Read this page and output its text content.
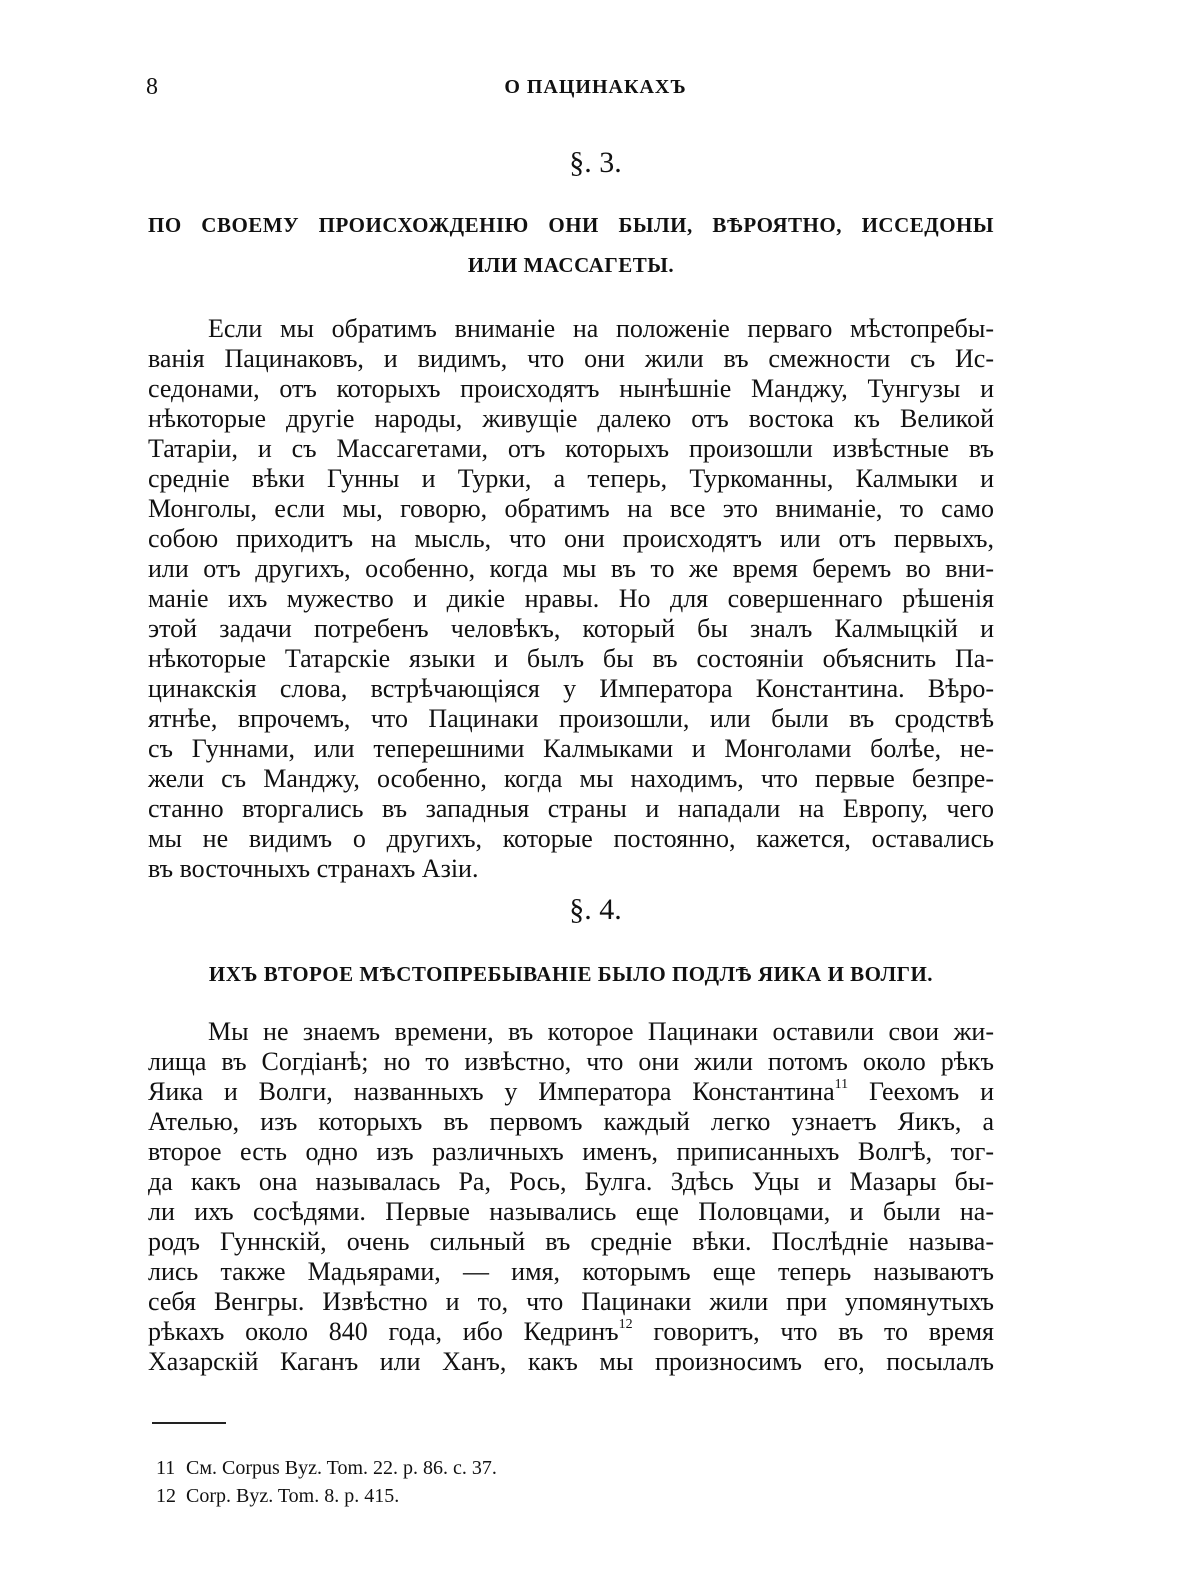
8	О ПАЦИНАКАХЪ
§. 3.
ПО СВОЕМУ ПРОИСХОЖДЕНІЮ ОНИ БЫЛИ, ВѢРОЯТНО, ИССЕДОНЫ
ИЛИ МАССАГЕТЫ.
Если мы обратимъ вниманіе на положеніе перваго мѣстопребы-
ванія Пацинаковъ, и видимъ, что они жили въ смежности съ Ис-
седонами, отъ которыхъ происходятъ нынѣшніе Манджу, Тунгузы и
нѣкоторые другіе народы, живущіе далеко отъ востока къ Великой
Татаріи, и съ Массагетами, отъ которыхъ произошли извѣстные въ
средніе вѣки Гунны и Турки, а теперь, Туркоманны, Калмыки и
Монголы, если мы, говорю, обратимъ на все это вниманіе, то само
собою приходитъ на мысль, что они происходятъ или отъ первыхъ,
или отъ другихъ, особенно, когда мы въ то же время беремъ во вни-
маніе ихъ мужество и дикіе нравы. Но для совершеннаго рѣшенія
этой задачи потребенъ человѣкъ, который бы зналъ Калмыцкій и
нѣкоторые Татарскіе языки и былъ бы въ состояніи объяснить Па-
цинакскія слова, встрѣчающіяся у Императора Константина. Вѣро-
ятнѣе, впрочемъ, что Пацинаки произошли, или были въ сродствѣ
съ Гуннами, или теперешними Калмыками и Монголами болѣе, не-
жели съ Манджу, особенно, когда мы находимъ, что первые безпре-
станно вторгались въ западныя страны и нападали на Европу, чего
мы не видимъ о другихъ, которые постоянно, кажется, оставались
въ восточныхъ странахъ Азіи.
§. 4.
ИХЪ ВТОРОЕ МѢСТОПРЕБЫВАНІЕ БЫЛО ПОДЛѢ ЯИКА И ВОЛГИ.
Мы не знаемъ времени, въ которое Пацинаки оставили свои жи-
лища въ Согдіанѣ; но то извѣстно, что они жили потомъ около рѣкъ
Яика и Волги, названныхъ у Императора Константина$^{11}$ Геехомъ и
Ателью, изъ которыхъ въ первомъ каждый легко узнаетъ Яикъ, а
второе есть одно изъ различныхъ именъ, приписанныхъ Волгѣ, тог-
да какъ она называлась Ра, Рось, Булга. Здѣсь Уцы и Мазары бы-
ли ихъ сосѣдями. Первые назывались еще Половцами, и были на-
родъ Гуннскій, очень сильный въ средніе вѣки. Послѣдніе называ-
лись также Мадьярами, — имя, которымъ еще теперь называютъ
себя Венгры. Извѣстно и то, что Пацинаки жили при упомянутыхъ
рѣкахъ около 840 года, ибо Кедринъ$^{12}$ говоритъ, что въ то время
Хазарскій Каганъ или Ханъ, какъ мы произносимъ его, посылалъ
11 См. Corpus Byz. Tom. 22. p. 86. c. 37.
12 Corp. Byz. Tom. 8. p. 415.
